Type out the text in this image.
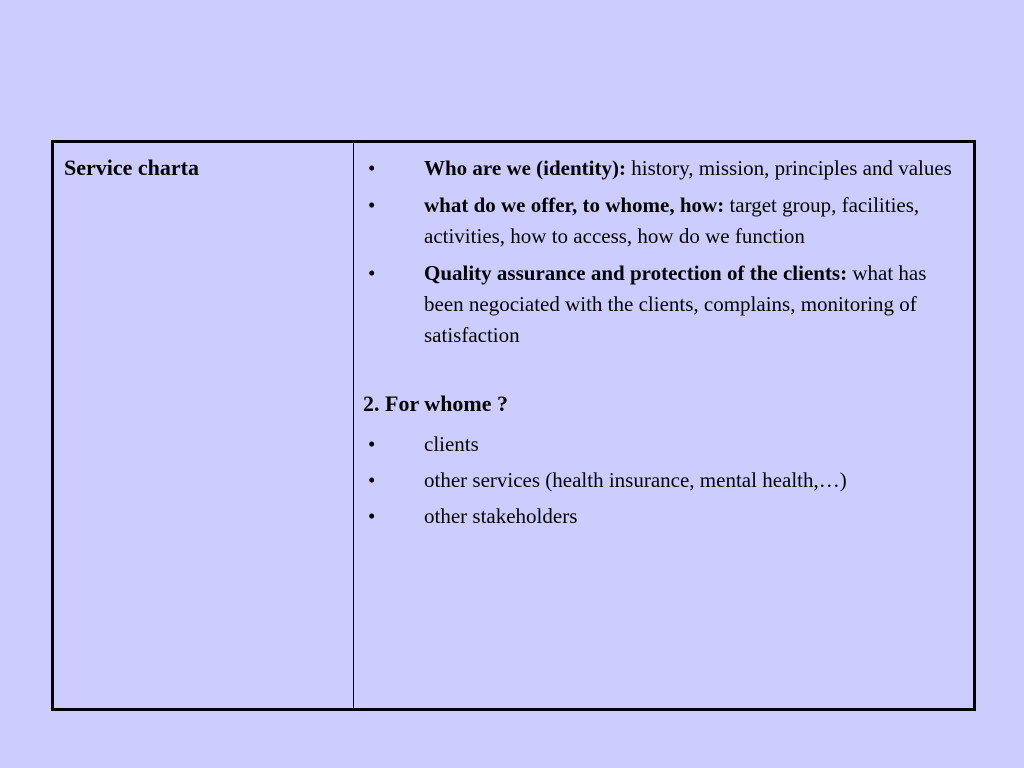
Service charta	•	Who are we (identity): history, mission, principles and values
•	what do we offer, to whome, how: target group, facilities, activities, how to access, how do we function
•	Quality assurance and protection of the clients: what has been negociated with the clients, complains, monitoring of satisfaction
2. For whome ?
•	clients
•	other services (health insurance, mental health,…)
•	other stakeholders
